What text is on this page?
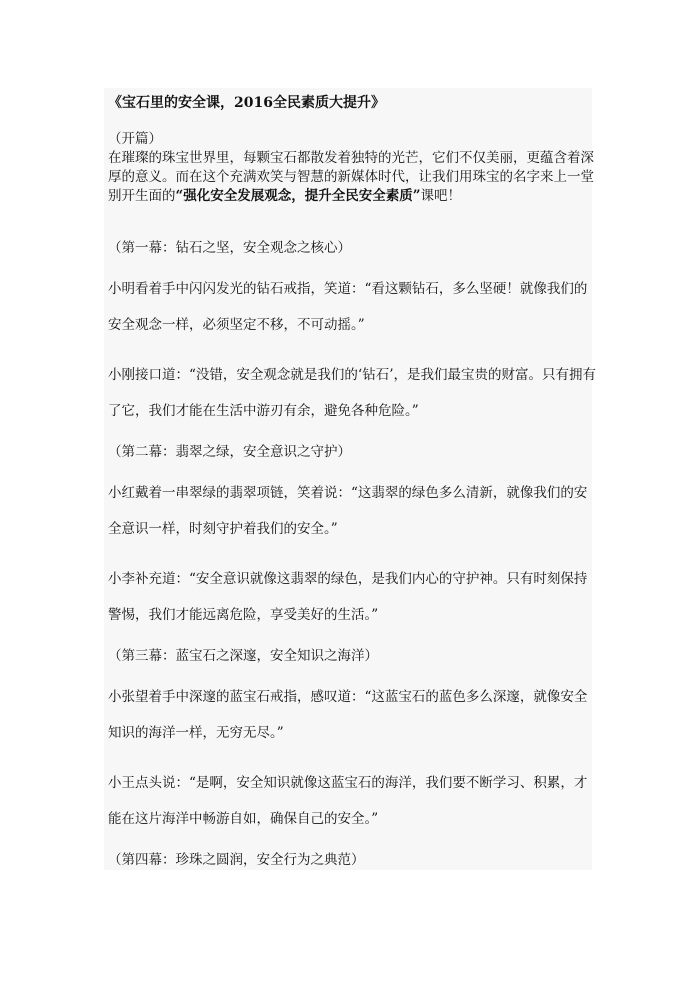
《宝石里的安全课，2016全民素质大提升》

（开篇）

在璀璨的珠宝世界里，每颗宝石都散发着独特的光芒，它们不仅美丽，更蕴含着深

厚的意义。而在这个充满欢笑与智慧的新媒体时代，让我们用珠宝的名字来上一堂

别开生面的“强化安全发展观念，提升全民安全素质”课吧！

（第一幕：钻石之坚，安全观念之核心）
小明看着手中闪闪发光的钻石戒指，笑道：“看这颗钻石，多么坚硬！就像我们的
安全观念一样，必须坚定不移，不可动摇。”
小刚接口道：“没错，安全观念就是我们的‘钻石’，是我们最宝贵的财富。只有拥有
了它，我们才能在生活中游刃有余，避免各种危险。”
（第二幕：翡翠之绿，安全意识之守护）
小红戴着一串翠绿的翡翠项链，笑着说：“这翡翠的绿色多么清新，就像我们的安
全意识一样，时刻守护着我们的安全。”
小李补充道：“安全意识就像这翡翠的绿色，是我们内心的守护神。只有时刻保持
警惕，我们才能远离危险，享受美好的生活。”
（第三幕：蓝宝石之深邃，安全知识之海洋）
小张望着手中深邃的蓝宝石戒指，感叹道：“这蓝宝石的蓝色多么深邃，就像安全
知识的海洋一样，无穷无尽。”
小王点头说：“是啊，安全知识就像这蓝宝石的海洋，我们要不断学习、积累，才
能在这片海洋中畅游自如，确保自己的安全。”
（第四幕：珍珠之圆润，安全行为之典范）
